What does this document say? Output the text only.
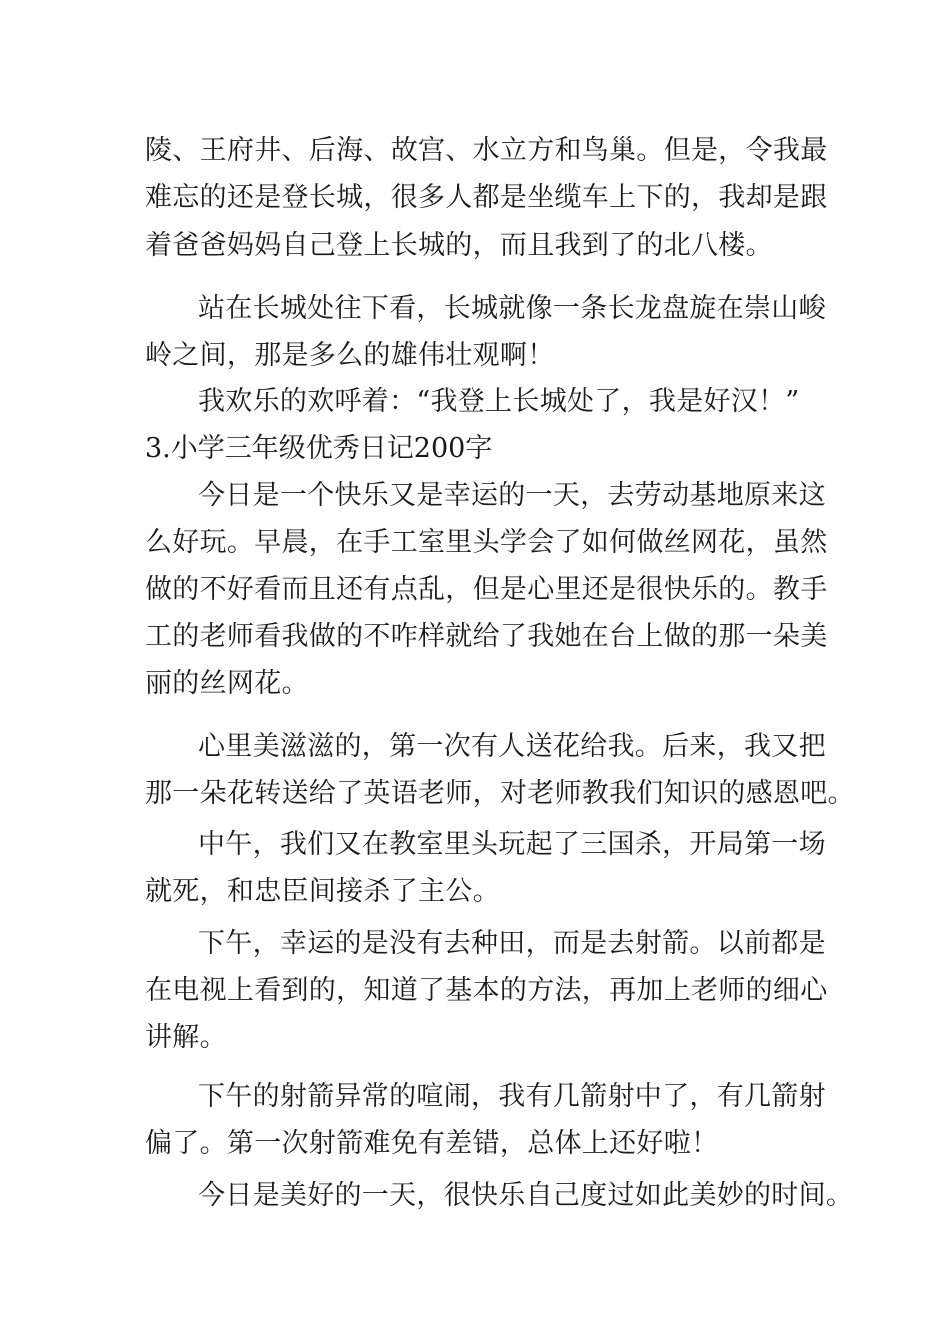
陵、王府井、后海、故宫、水立方和鸟巢。但是，令我最

难忘的还是登长城，很多人都是坐缆车上下的，我却是跟

着爸爸妈妈自己登上长城的，而且我到了的北八楼。

站在长城处往下看，长城就像一条长龙盘旋在崇山峻

岭之间，那是多么的雄伟壮观啊！

我欢乐的欢呼着：“我登上长城处了，我是好汉！”

3.小学三年级优秀日记200字

今日是一个快乐又是幸运的一天，去劳动基地原来这

么好玩。早晨，在手工室里头学会了如何做丝网花，虽然

做的不好看而且还有点乱，但是心里还是很快乐的。教手

工的老师看我做的不咋样就给了我她在台上做的那一朵美

丽的丝网花。

心里美滋滋的，第一次有人送花给我。后来，我又把

那一朵花转送给了英语老师，对老师教我们知识的感恩吧。

中午，我们又在教室里头玩起了三国杀，开局第一场

就死，和忠臣间接杀了主公。

下午，幸运的是没有去种田，而是去射箭。以前都是

在电视上看到的，知道了基本的方法，再加上老师的细心

讲解。

下午的射箭异常的喧闹，我有几箭射中了，有几箭射

偏了。第一次射箭难免有差错，总体上还好啦！

今日是美好的一天，很快乐自己度过如此美妙的时间。
